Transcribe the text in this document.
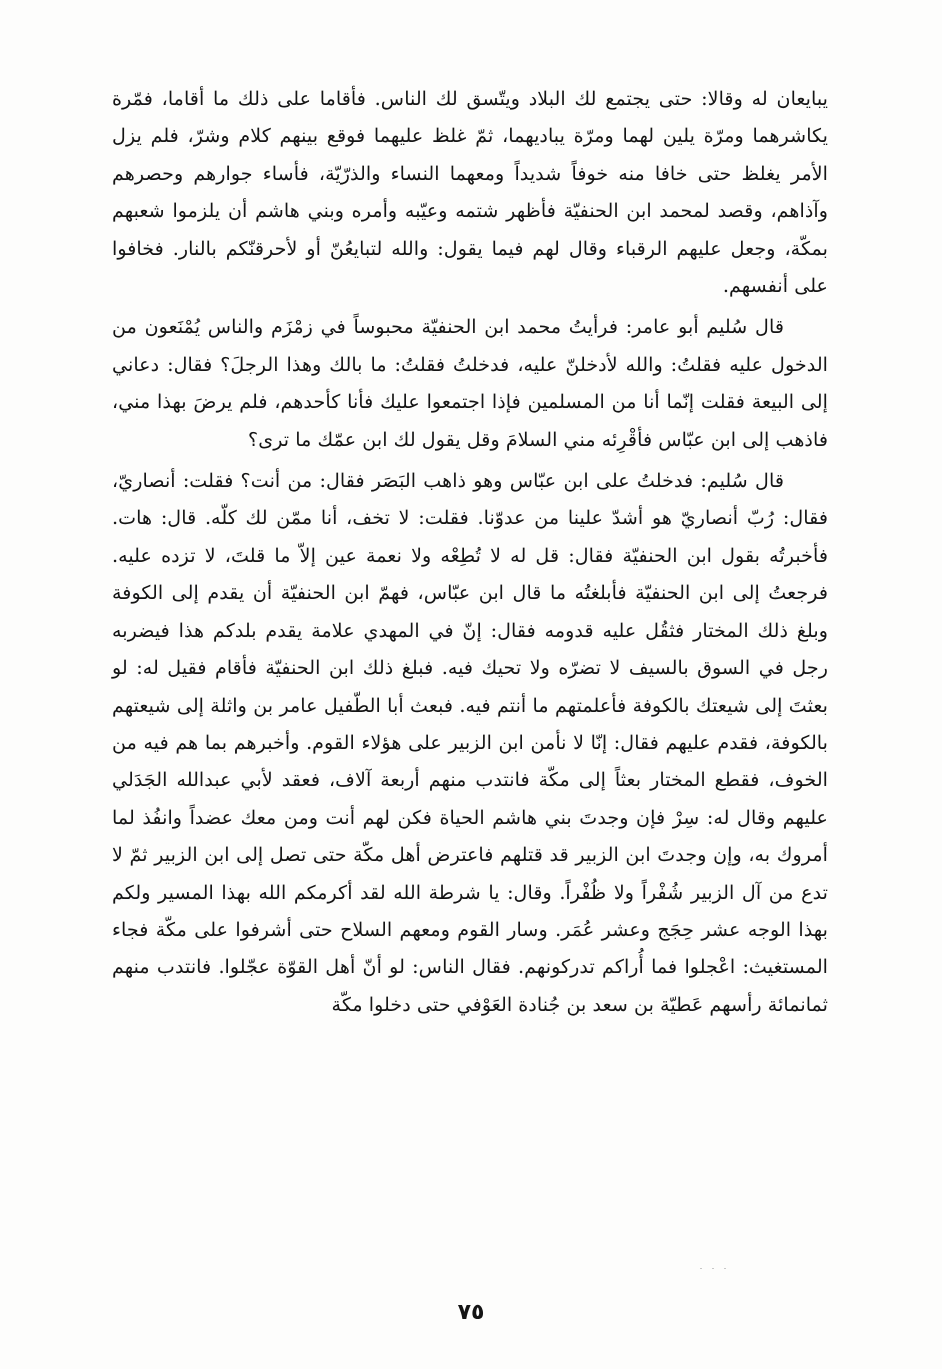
يبايعان له وقالا: حتى يجتمع لك البلاد ويتّسق لك الناس. فأقاما على ذلك ما أقاما، فمّرة يكاشرهما ومرّة يلين لهما ومرّة يباديهما، ثمّ غلظ عليهما فوقع بينهم كلام وشرّ، فلم يزل الأمر يغلظ حتى خافا منه خوفاً شديداً ومعهما النساء والذرّيّة، فأساء جوارهم وحصرهم وآذاهم، وقصد لمحمد ابن الحنفيّة فأظهر شتمه وعيّبه وأمره وبني هاشم أن يلزموا شعبهم بمكّة، وجعل عليهم الرقباء وقال لهم فيما يقول: والله لتبايعُنّ أو لأحرقنّكم بالنار. فخافوا على أنفسهم.

قال سُليم أبو عامر: فرأيتُ محمد ابن الحنفيّة محبوساً في زمْزَم والناس يُمْنَعون من الدخول عليه فقلتُ: والله لأدخلنّ عليه، فدخلتُ فقلتُ: ما بالك وهذا الرجلَ؟ فقال: دعاني إلى البيعة فقلت إنّما أنا من المسلمين فإذا اجتمعوا عليك فأنا كأحدهم، فلم يرضَ بهذا مني، فاذهب إلى ابن عبّاس فأقْرِئه مني السلامَ وقل يقول لك ابن عمّك ما ترى؟

قال سُليم: فدخلتُ على ابن عبّاس وهو ذاهب البَصَر فقال: من أنت؟ فقلت: أنصاريّ، فقال: رُبّ أنصاريّ هو أشدّ علينا من عدوّنا. فقلت: لا تخف، أنا ممّن لك كلّه. قال: هات. فأخبرتُه بقول ابن الحنفيّة فقال: قل له لا تُطِعْه ولا نعمة عين إلاّ ما قلتَ، لا تزده عليه. فرجعتُ إلى ابن الحنفيّة فأبلغتُه ما قال ابن عبّاس، فهمّ ابن الحنفيّة أن يقدم إلى الكوفة وبلغ ذلك المختار فثقُل عليه قدومه فقال: إنّ في المهدي علامة يقدم بلدكم هذا فيضربه رجل في السوق بالسيف لا تضرّه ولا تحيك فيه. فبلغ ذلك ابن الحنفيّة فأقام فقيل له: لو بعثتَ إلى شيعتك بالكوفة فأعلمتهم ما أنتم فيه. فبعث أبا الطّفيل عامر بن واثلة إلى شيعتهم بالكوفة، فقدم عليهم فقال: إنّا لا نأمن ابن الزبير على هؤلاء القوم. وأخبرهم بما هم فيه من الخوف، فقطع المختار بعثاً إلى مكّة فانتدب منهم أربعة آلاف، فعقد لأبي عبدالله الجَدَلي عليهم وقال له: سِرْ فإن وجدتَ بني هاشم الحياة فكن لهم أنت ومن معك عضداً وانفُذ لما أمروك به، وإن وجدتَ ابن الزبير قد قتلهم فاعترض أهل مكّة حتى تصل إلى ابن الزبير ثمّ لا تدع من آل الزبير شُفْراً ولا ظُفْراً. وقال: يا شرطة الله لقد أكرمكم الله بهذا المسير ولكم بهذا الوجه عشر حِجَج وعشر عُمَر. وسار القوم ومعهم السلاح حتى أشرفوا على مكّة فجاء المستغيث: اعْجلوا فما أُراكم تدركونهم. فقال الناس: لو أنّ أهل القوّة عجّلوا. فانتدب منهم ثمانمائة رأسهم عَطيّة بن سعد بن جُنادة العَوْفي حتى دخلوا مكّة

٧٥
